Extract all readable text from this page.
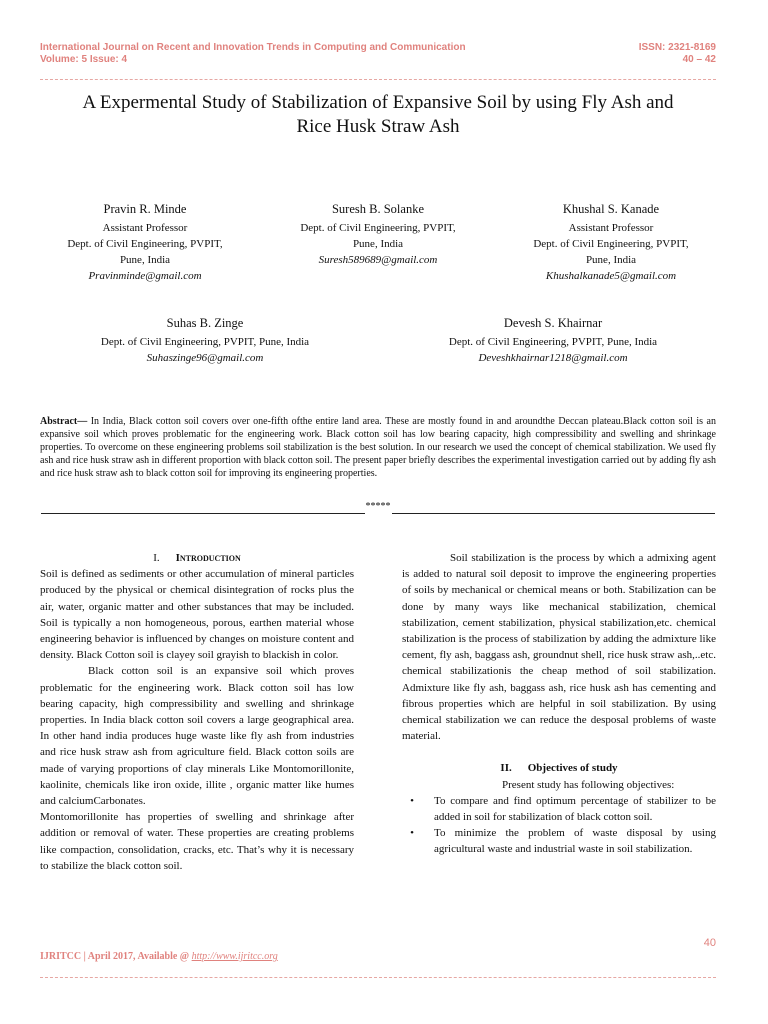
International Journal on Recent and Innovation Trends in Computing and Communication
Volume: 5 Issue: 4
ISSN: 2321-8169
40 – 42
A Expermental Study of Stabilization of Expansive Soil by using Fly Ash and
Rice Husk Straw Ash
Pravin R. Minde
Assistant Professor
Dept. of Civil Engineering, PVPIT,
Pune, India
Pravinminde@gmail.com
Suresh B. Solanke
Dept. of Civil Engineering, PVPIT,
Pune, India
Suresh589689@gmail.com
Khushal S. Kanade
Assistant Professor
Dept. of Civil Engineering, PVPIT,
Pune, India
Khushalkanade5@gmail.com
Suhas B. Zinge
Dept. of Civil Engineering, PVPIT, Pune, India
Suhaszinge96@gmail.com
Devesh S. Khairnar
Dept. of Civil Engineering, PVPIT, Pune, India
Deveshkhairnar1218@gmail.com
Abstract— In India, Black cotton soil covers over one-fifth ofthe entire land area. These are mostly found in and aroundthe Deccan plateau.Black cotton soil is an expansive soil which proves problematic for the engineering work. Black cotton soil has low bearing capacity, high compressibility and swelling and shrinkage properties. To overcome on these engineering problems soil stabilization is the best solution. In our research we used the concept of chemical stabilization. We used fly ash and rice husk straw ash in different proportion with black cotton soil. The present paper briefly describes the experimental investigation carried out by adding fly ash and rice husk straw ash to black cotton soil for improving its engineering properties.
*****
I. Introduction

Soil is defined as sediments or other accumulation of mineral particles produced by the physical or chemical disintegration of rocks plus the air, water, organic matter and other substances that may be included. Soil is typically a non homogeneous, porous, earthen material whose engineering behavior is influenced by changes on moisture content and density. Black Cotton soil is clayey soil grayish to blackish in color.

Black cotton soil is an expansive soil which proves problematic for the engineering work. Black cotton soil has low bearing capacity, high compressibility and swelling and shrinkage properties. In India black cotton soil covers a large geographical area. In other hand india produces huge waste like fly ash from industries and rice husk straw ash from agriculture field. Black cotton soils are made of varying proportions of clay minerals Like Montomorillonite, kaolinite, chemicals like iron oxide, illite , organic matter like humes and calciumCarbonates.

Montomorillonite has properties of swelling and shrinkage after addition or removal of water. These properties are creating problems like compaction, consolidation, cracks, etc. That’s why it is necessary to stabilize the black cotton soil.

Soil stabilization is the process by which a admixing agent is added to natural soil deposit to improve the engineering properties of soils by mechanical or chemical means or both. Stabilization can be done by many ways like mechanical stabilization, chemical stabilization, cement stabilization, physical stabilization,etc. chemical stabilization is the process of stabilization by adding the admixture like cement, fly ash, baggass ash, groundnut shell, rice husk straw ash,..etc. chemical stabilizationis the cheap method of soil stabilization. Admixture like fly ash, baggass ash, rice husk ash has cementing and fibrous properties which are helpful in soil stabilization. By using chemical stabilization we can reduce the desposal problems of waste material.

II. Objectives of study

Present study has following objectives:

•	To compare and find optimum percentage of stabilizer to be added in soil for stabilization of black cotton soil.
•	To minimize the problem of waste disposal by using agricultural waste and industrial waste in soil stabilization.
40
IJRITCC | April 2017, Available @ http://www.ijritcc.org
